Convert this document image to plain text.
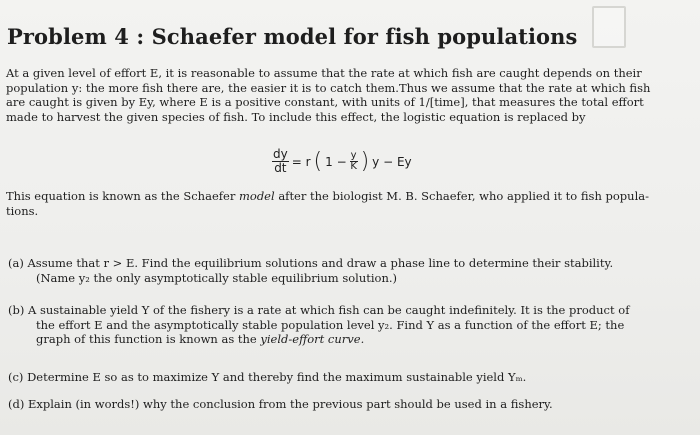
Problem 4 : Schaefer model for fish populations
At a given level of effort E, it is reasonable to assume that the rate at which fish are caught depends on their
population y: the more fish there are, the easier it is to catch them.Thus we assume that the rate at which fish
are caught is given by Ey, where E is a positive constant, with units of 1/[time], that measures the total effort
made to harvest the given species of fish. To include this effect, the logistic equation is replaced by
$\frac{dy}{dt} = r$ ( $1 - \frac{y}{K}$ ) y − Ey
This equation is known as the Schaefer model after the biologist M. B. Schaefer, who applied it to fish popula-
tions.
(a) Assume that r > E. Find the equilibrium solutions and draw a phase line to determine their stability.
(Name y₂ the only asymptotically stable equilibrium solution.)
(b) A sustainable yield Y of the fishery is a rate at which fish can be caught indefinitely. It is the product of
the effort E and the asymptotically stable population level y₂. Find Y as a function of the effort E; the
graph of this function is known as the yield-effort curve.
(c) Determine E so as to maximize Y and thereby find the maximum sustainable yield Yₘ.
(d) Explain (in words!) why the conclusion from the previous part should be used in a fishery.
